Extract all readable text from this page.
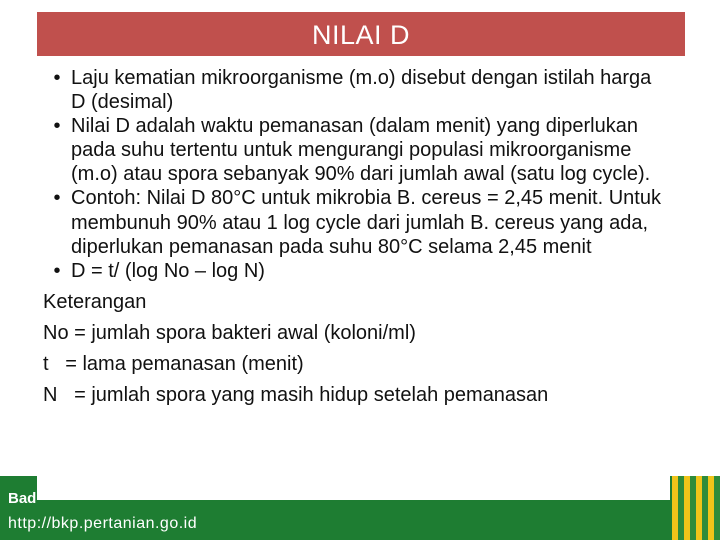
NILAI D
Bad
http://bkp.pertanian.go.id
• Laju kematian mikroorganisme (m.o) disebut dengan istilah harga D (desimal)
• Nilai D adalah waktu pemanasan (dalam menit) yang diperlukan pada suhu tertentu untuk mengurangi populasi mikroorganisme (m.o) atau spora sebanyak 90% dari jumlah awal (satu log cycle).
• Contoh: Nilai D 80°C untuk mikrobia B. cereus = 2,45 menit. Untuk membunuh 90% atau 1 log cycle dari jumlah B. cereus yang ada, diperlukan pemanasan pada suhu 80°C selama 2,45 menit
• D = t/ (log No – log N)
Keterangan
No = jumlah spora bakteri awal (koloni/ml)
t   = lama pemanasan (menit)
N   = jumlah spora yang masih hidup setelah pemanasan
